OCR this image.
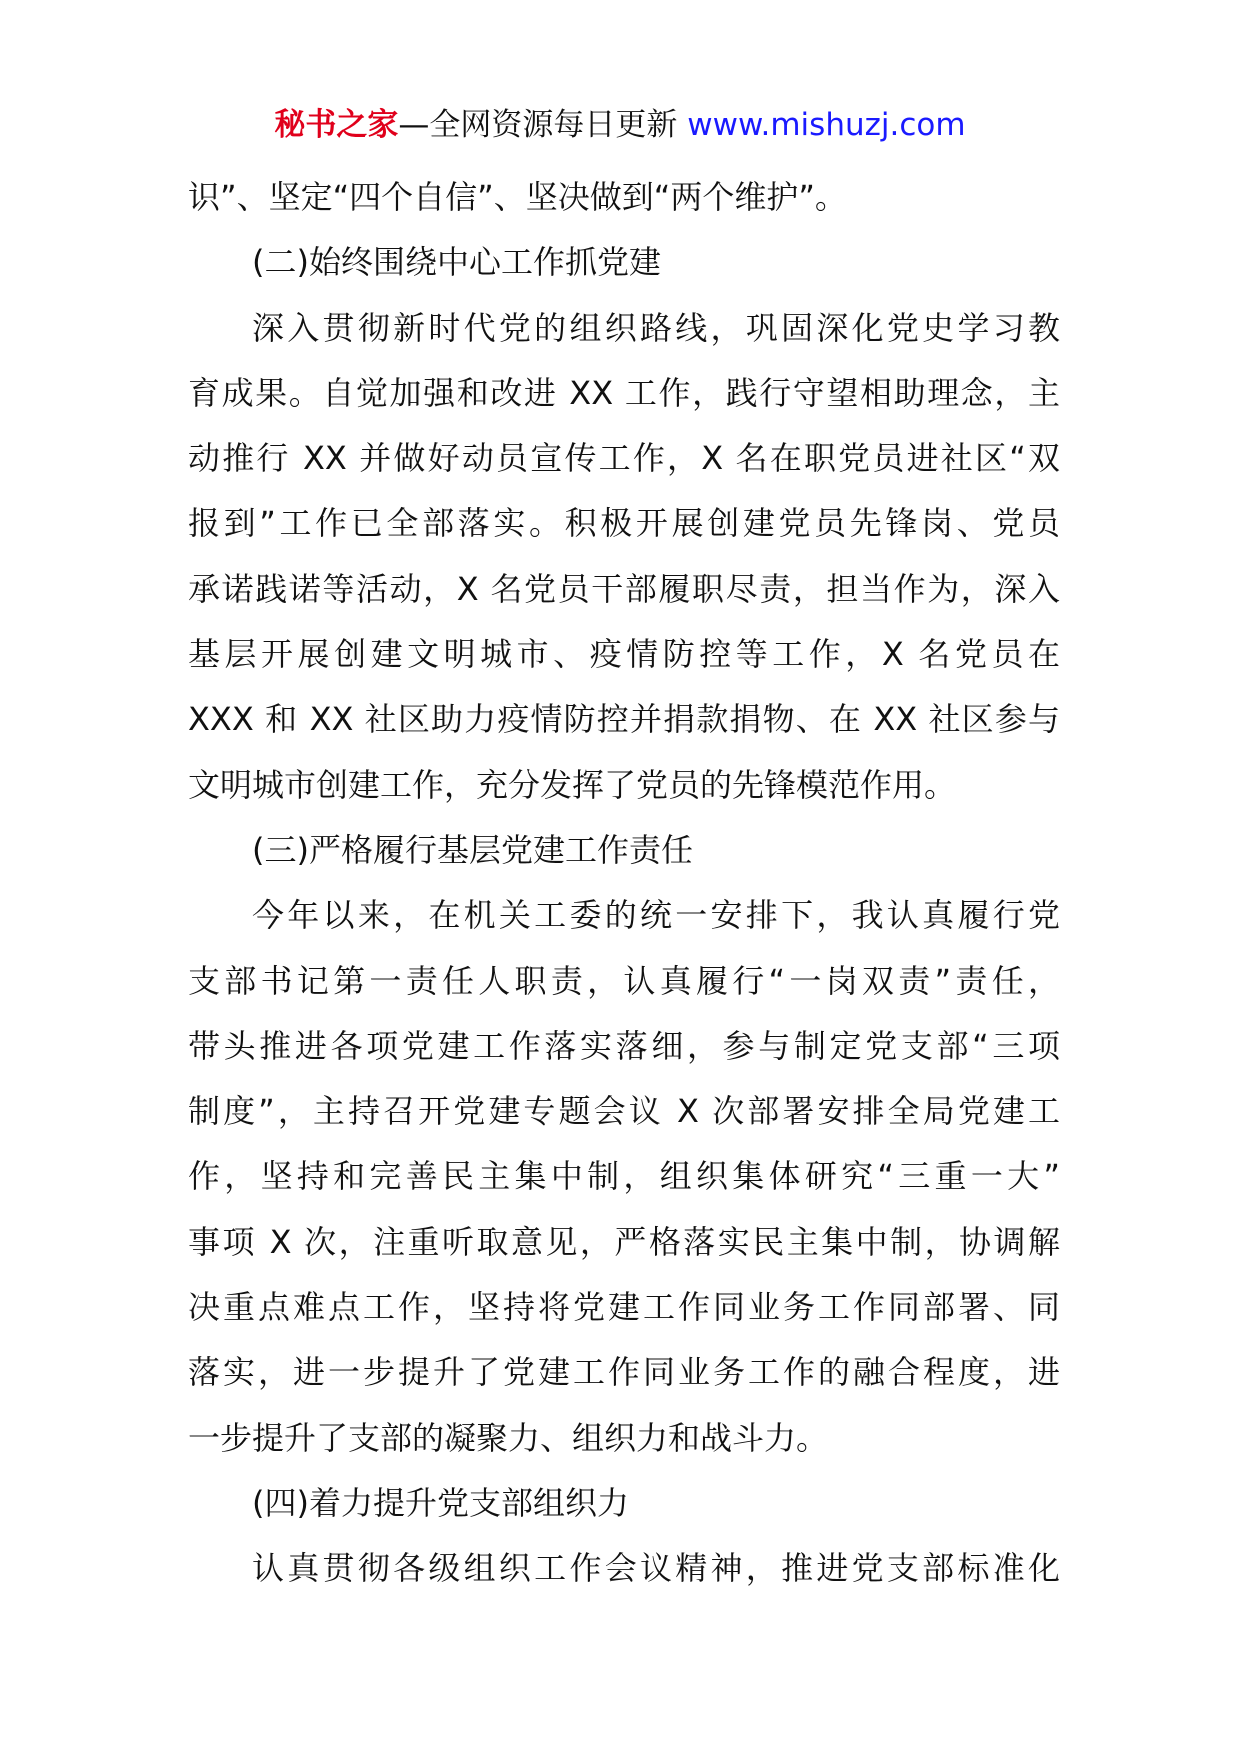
秘书之家—全网资源每日更新 www.mishuzj.com
识”、坚定“四个自信”、坚决做到“两个维护”。
(二)始终围绕中心工作抓党建
深入贯彻新时代党的组织路线，巩固深化党史学习教
育成果。自觉加强和改进 XX 工作，践行守望相助理念，主
动推行 XX 并做好动员宣传工作，X 名在职党员进社区“双
报到”工作已全部落实。积极开展创建党员先锋岗、党员
承诺践诺等活动，X 名党员干部履职尽责，担当作为，深入
基层开展创建文明城市、疫情防控等工作，X 名党员在
XXX 和 XX 社区助力疫情防控并捐款捐物、在 XX 社区参与
文明城市创建工作，充分发挥了党员的先锋模范作用。
(三)严格履行基层党建工作责任
今年以来，在机关工委的统一安排下，我认真履行党
支部书记第一责任人职责，认真履行“一岗双责”责任，
带头推进各项党建工作落实落细，参与制定党支部“三项
制度”，主持召开党建专题会议 X 次部署安排全局党建工
作，坚持和完善民主集中制，组织集体研究“三重一大”
事项 X 次，注重听取意见，严格落实民主集中制，协调解
决重点难点工作，坚持将党建工作同业务工作同部署、同
落实，进一步提升了党建工作同业务工作的融合程度，进
一步提升了支部的凝聚力、组织力和战斗力。
(四)着力提升党支部组织力
认真贯彻各级组织工作会议精神，推进党支部标准化
